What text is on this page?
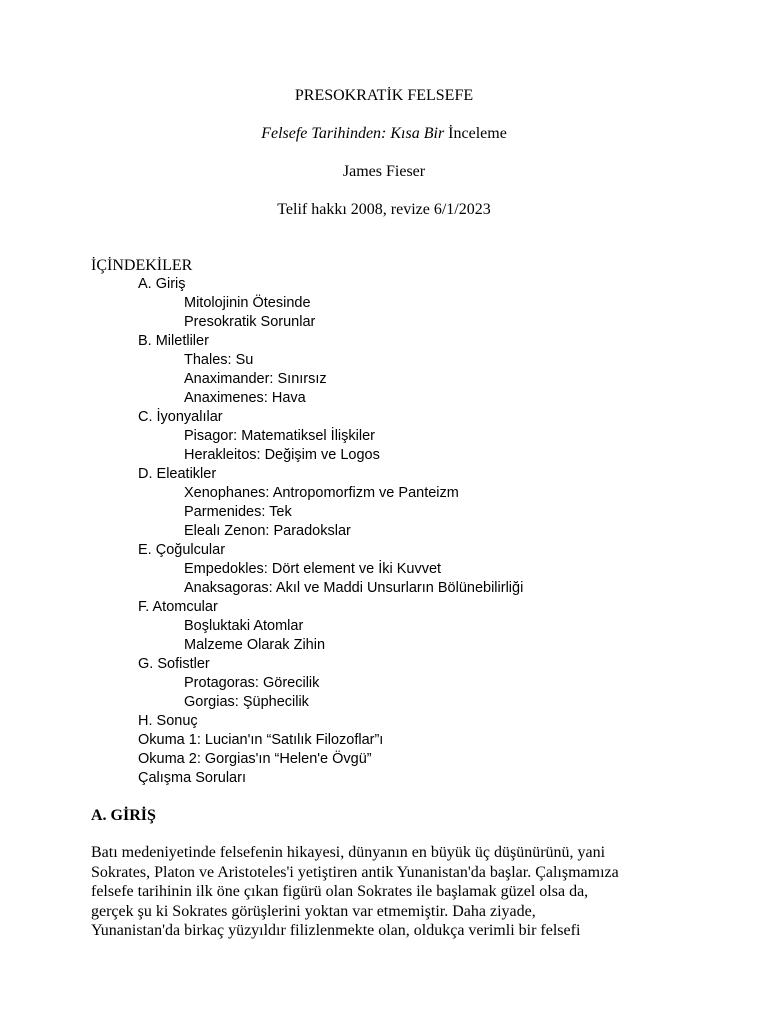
PRESOKRATİK FELSEFE
Felsefe Tarihinden: Kısa Bir İnceleme
James Fieser
Telif hakkı 2008, revize 6/1/2023
İÇİNDEKİLER
A. Giriş
Mitolojinin Ötesinde
Presokratik Sorunlar
B. Miletliler
Thales: Su
Anaximander: Sınırsız
Anaximenes: Hava
C. İyonyalılar
Pisagor: Matematiksel İlişkiler
Herakleitos: Değişim ve Logos
D. Eleatikler
Xenophanes: Antropomorfizm ve Panteizm
Parmenides: Tek
Elealı Zenon: Paradokslar
E. Çoğulcular
Empedokles: Dört element ve İki Kuvvet
Anaksagoras: Akıl ve Maddi Unsurların Bölünebilirliği
F. Atomcular
Boşluktaki Atomlar
Malzeme Olarak Zihin
G. Sofistler
Protagoras: Görecilik
Gorgias: Şüphecilik
H. Sonuç
Okuma 1: Lucian'ın “Satılık Filozoflar”ı
Okuma 2: Gorgias'ın “Helen'e Övgü”
Çalışma Soruları
A. GİRİŞ
Batı medeniyetinde felsefenin hikayesi, dünyanın en büyük üç düşünürünü, yani
Sokrates, Platon ve Aristoteles'i yetiştiren antik Yunanistan'da başlar. Çalışmamıza
felsefe tarihinin ilk öne çıkan figürü olan Sokrates ile başlamak güzel olsa da,
gerçek şu ki Sokrates görüşlerini yoktan var etmemiştir. Daha ziyade,
Yunanistan'da birkaç yüzyıldır filizlenmekte olan, oldukça verimli bir felsefi
